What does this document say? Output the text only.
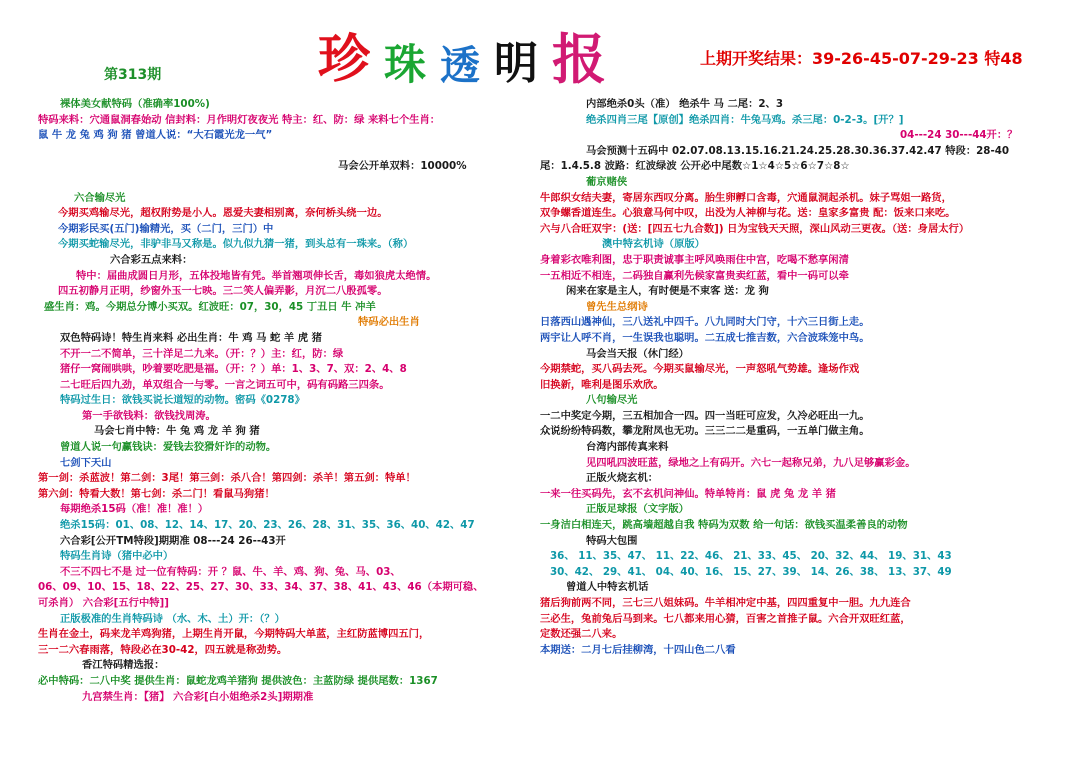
珍 珠 透 明 报	上期开奖结果：39-26-45-07-29-23 特48
第313期
裸体美女献特码（准确率100%)
特码来料：穴通鼠洞春始动 信封料：月作明灯夜夜光 特主：红、防：绿 来料七个生肖：
鼠 牛 龙 兔 鸡 狗 猪 曾道人说：“大石霞光龙一气”
马会公开单双料：10000%
六合输尽光
今期买鸡输尽光，超权附势是小人。恩爱夫妻相别离，奈何桥头绕一边。
今期彩民买(五门)输精光，买（二门，三门）中
今期买蛇输尽光，非驴非马又称是。似九似九猜一猪，到头总有一珠来。（称）
六合彩五点来料：
特中：届曲成圆日月形，五体投地皆有凭。举首翘项伸长舌，毒如狼虎太绝情。
四五初静月正明，纱窗外玉一七映。三二笑人偏弄影，月沉二八殷孤零。
盛生肖：鸡。今期总分博小买双。红波旺：07，30，45 丁丑日 牛 冲羊
特码必出生肖
双色特码诗！特生肖来料 必出生肖：牛 鸡 马 蛇 羊 虎 猪
不开一二不简单，三十洋足二九来。（开：？）主：红，防：绿
猪仔一窝闹哄哄，吵着要吃肥是福。（开：？）单：1、3、7、双：2、4、8
二七旺后四九劲，单双组合一与零。一言之词五可中，码有码路三四条。
特码过生日：欲钱买说长道短的动物。密码《0278》
第一手欲钱料：欲钱找周涛。
马会七肖中特：牛 兔 鸡 龙 羊 狗 猪
曾道人说一句赢钱诀：爱钱去狡猾奸诈的动物。
七剑下天山
第一剑：杀蓝波！第二剑：3尾！第三剑：杀八合！第四剑：杀羊！第五剑：特单！
第六剑：特看大数！第七剑：杀二门！看鼠马狗猪！
每期绝杀15码（准！准！准！）
绝杀15码：01、08、12、14、17、20、23、26、28、31、35、36、40、42、47
六合彩[公开TM特段]期期准 08---24 26--43开
特码生肖诗（猪中必中）
不三不四七不是 过一位有特码：开 ？鼠、牛、羊、鸡、狗、兔、马、03、
06、09、10、15、18、22、25、27、30、33、34、37、38、41、43、46（本期可稳、
可杀肖） 六合彩[五行中特]]
正版极准的生肖特码诗 （水、木、土）开：（？）
生肖在金土，码来龙羊鸡狗猪，上期生肖开鼠，今期特码大单蓝，主红防蓝博四五门，
三一二六春雨落，特段必在30-42，四五就是称劲势。
香江特码精选报：
必中特码：二八中奖 提供生肖：鼠蛇龙鸡羊猪狗 提供波色：主蓝防绿 提供尾数：1367
九宫禁生肖：【猪】 六合彩[白小姐绝杀2头]期期准
内部绝杀0头（准） 绝杀牛 马 二尾：2、3
绝杀四肖三尾【原创】绝杀四肖：牛兔马鸡。杀三尾：0-2-3。[开？]
04---24 30---44开：？
马会预测十五码中 02.07.08.13.15.16.21.24.25.28.30.36.37.42.47 特段：28-40
尾：1.4.5.8 波路：红波绿波 公开必中尾数☆1☆4☆5☆6☆7☆8☆
葡京赌侠
牛郎织女结夫妻，寄居东西叹分离。胎生卵孵口含毒，穴通鼠洞起杀机。妹子骂姐一路货，
双争螺香道连生。心狼意马何中叹，出没为人神柳与花。送：皇家多富贵 配：饭来口来吃。
六与八合旺双宇：(送：[四五七九合数]) 日为宝钱天天照，深山风动三更夜。（送：身居太行）
澳中特玄机诗（原版）
身着彩衣唯利图，忠于职责诚事主呼风唤雨住中宫，吃喝不愁享闲清
一五相近不相连，二码独自赢利先候家富贵卖红蓝，看中一码可以牵
闲来在家是主人，有时便是不束客 送：龙 狗
曾先生总纲诗
日落西山遇神仙，三八送礼中四千。八九同时大门守，十六三日街上走。
两宇让人呼不肖，一生误我也聪明。二五成七推吉数，六合波珠笼中鸟。
马会当天报（休门经）
今期禁蛇，买八码去死。今期买鼠输尽光，一声怒吼气势雄。逢场作戏
旧换新，唯利是图乐欢欣。
八句输尽光
一二中奖定今期，三五相加合一四。四一当旺可应发，久冷必旺出一九。
众说纷纷特码数，攀龙附凤也无功。三三二二是重码，一五单门做主角。
台湾内部传真来料
见四吼四波旺蓝，绿地之上有码开。六七一起称兄弟，九八足够赢彩金。
正版火烧玄机：
一来一往买码先，玄不玄机问神仙。特单特肖：鼠 虎 兔 龙 羊 猪
正版足球报（文字版）
一身洁白相连天，跳高墙超越自我 特码为双数 给一句话：欲钱买温柔善良的动物
特码大包围
36、 11、35、47、 11、22、46、 21、33、45、 20、32、44、 19、31、43
30、42、 29、41、 04、40、16、 15、27、39、 14、26、38、 13、37、49
曾道人中特玄机话
猪后狗前两不同，三七三八姐妹码。牛羊相冲定中基，四四重复中一胆。九九连合
三必生，兔前兔后马到来。七八都来用心猜，百害之首推子鼠。六合开双旺红蓝，
定数还强二八来。
本期送：二月七后挂柳湾，十四山色二八看
